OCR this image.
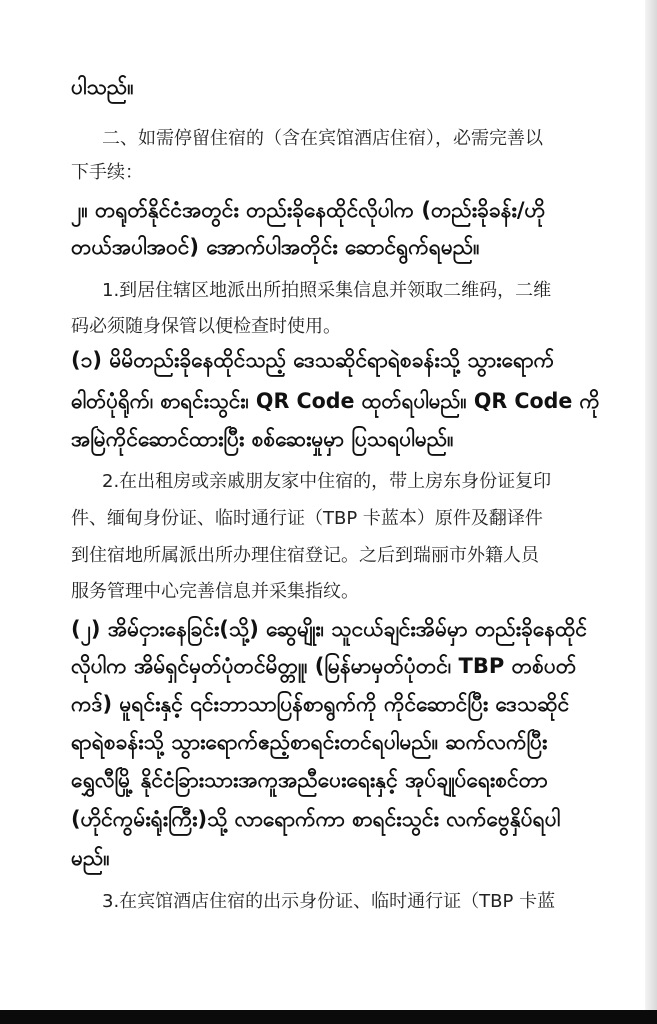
ပါသည်။
二、如需停留住宿的（含在宾馆酒店住宿），必需完善以
下手续：
၂။ တရုတ်နိုင်ငံအတွင်း တည်းခိုနေထိုင်လိုပါက (တည်းခိုခန်း/ဟို
တယ်အပါအဝင်) အောက်ပါအတိုင်း ဆောင်ရွက်ရမည်။
1.到居住辖区地派出所拍照采集信息并领取二维码，二维
码必须随身保管以便检查时使用。
(၁) မိမိတည်းခိုနေထိုင်သည့် ဒေသဆိုင်ရာရဲစခန်းသို့ သွားရောက်
ဓါတ်ပုံရိုက်၊ စာရင်းသွင်း၊ QR Code ထုတ်ရပါမည်။ QR Code ကို
အမြဲကိုင်ဆောင်ထားပြီး စစ်ဆေးမှုမှာ ပြသရပါမည်။
2.在出租房或亲戚朋友家中住宿的，带上房东身份证复印
件、缅甸身份证、临时通行证（TBP 卡蓝本）原件及翻译件
到住宿地所属派出所办理住宿登记。之后到瑞丽市外籍人员
服务管理中心完善信息并采集指纹。
(၂) အိမ်ငှားနေခြင်း(သို့) ဆွေမျိုး၊ သူငယ်ချင်းအိမ်မှာ တည်းခိုနေထိုင်
လိုပါက အိမ်ရှင်မှတ်ပုံတင်မိတ္တူ၊ (မြန်မာမှတ်ပုံတင်၊ TBP တစ်ပတ်
ကဒ်) မူရင်းနှင့် ၎င်းဘာသာပြန်စာရွက်ကို ကိုင်ဆောင်ပြီး ဒေသဆိုင်
ရာရဲစခန်းသို့ သွားရောက်ဧည့်စာရင်းတင်ရပါမည်။ ဆက်လက်ပြီး
ရွှေလီမြို့ နိုင်ငံခြားသားအကူအညီပေးရေးနှင့် အုပ်ချုပ်ရေးစင်တာ
(ဟိုင်ကွမ်းရုံးကြီး)သို့ လာရောက်ကာ စာရင်းသွင်း လက်ဗွေနှိပ်ရပါ
မည်။
3.在宾馆酒店住宿的出示身份证、临时通行证（TBP 卡蓝
